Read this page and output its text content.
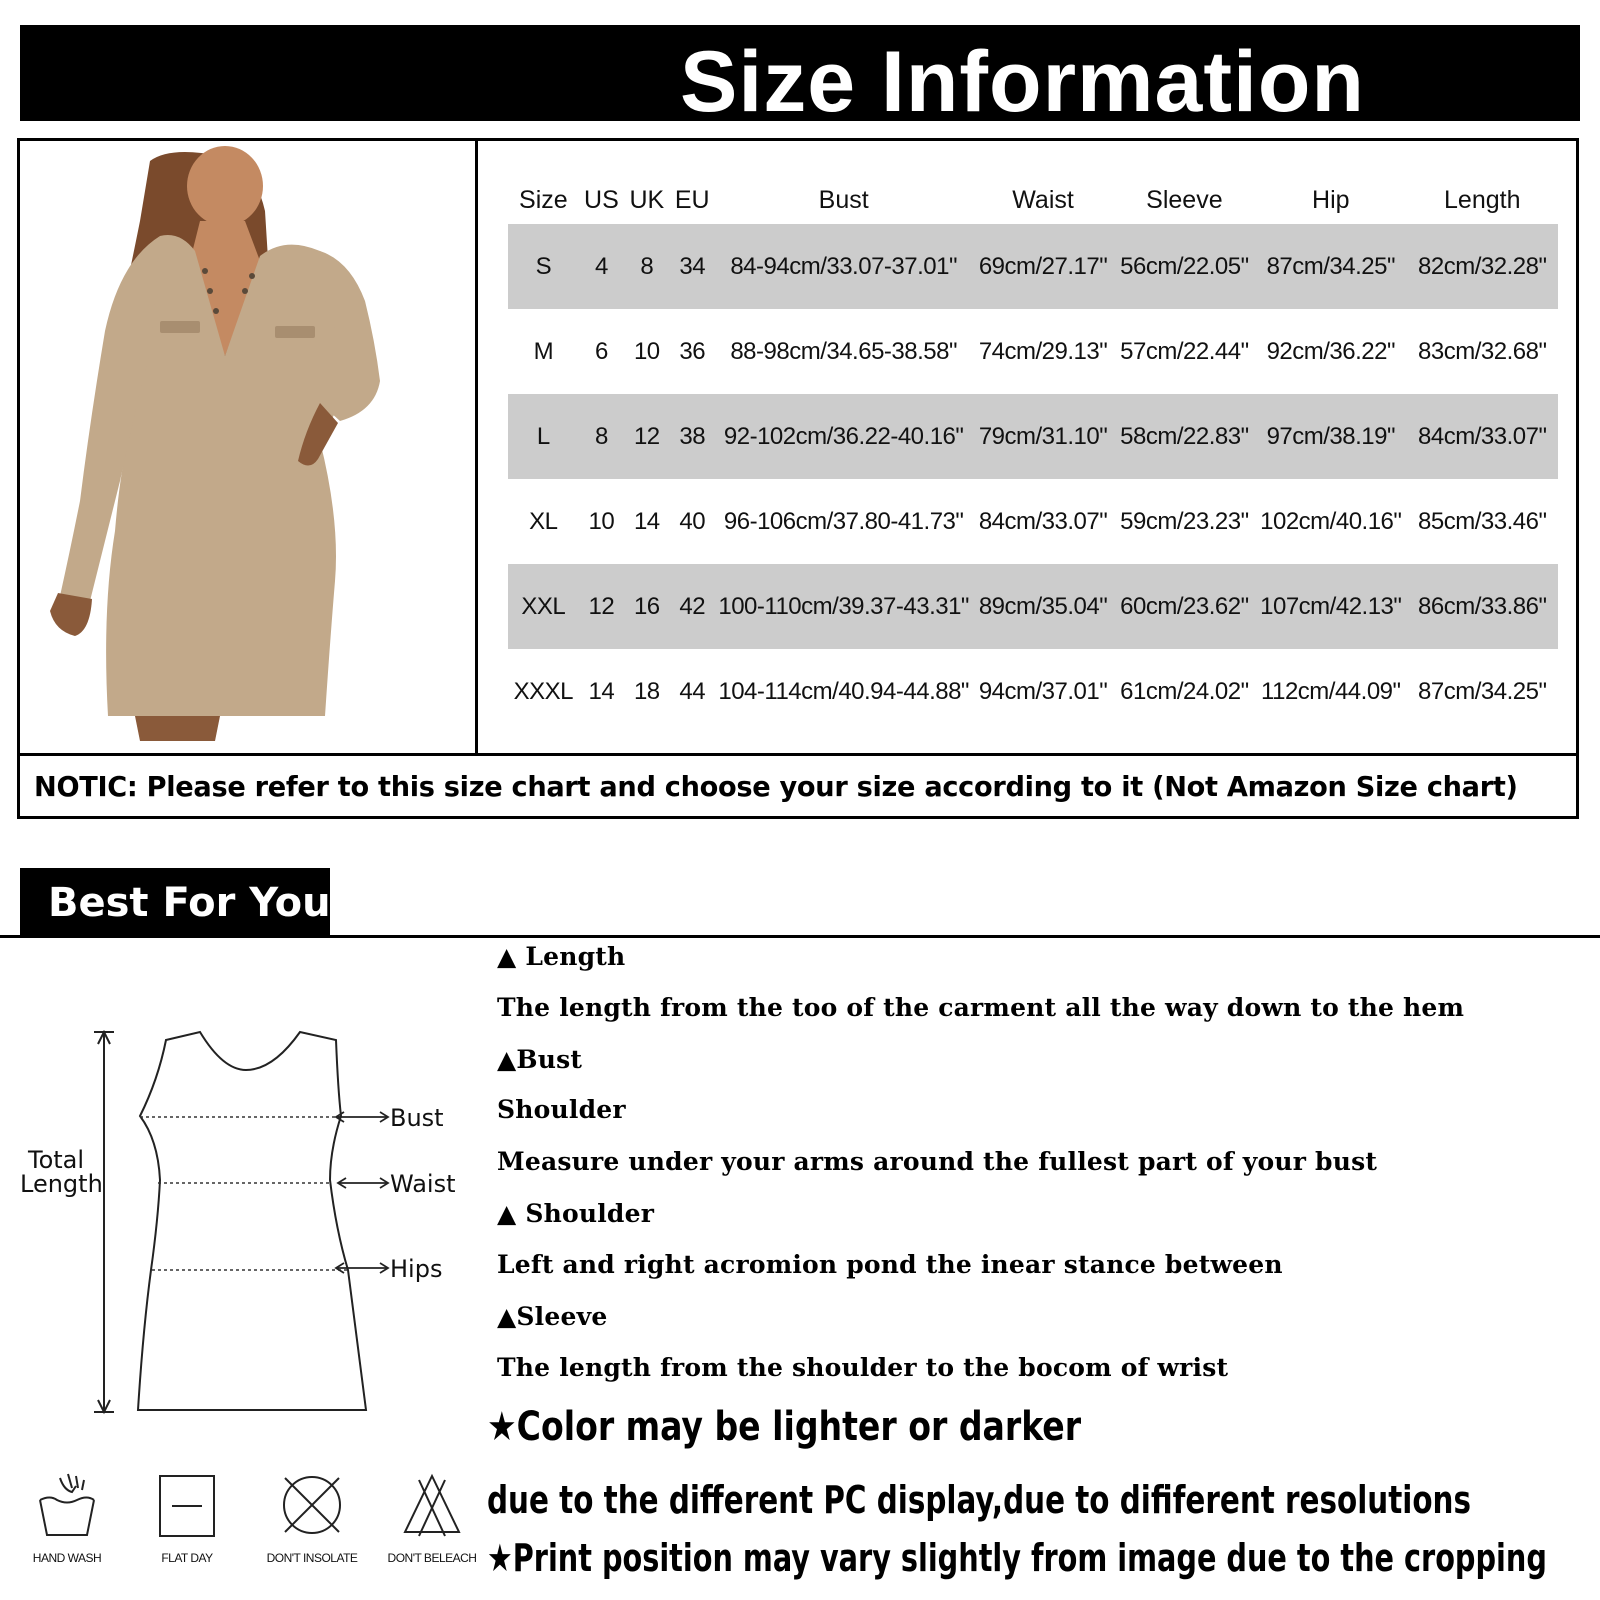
Size Information
Size	US	UK	EU	Bust	Waist	Sleeve	Hip	Length
S	4	8	34	84-94cm/33.07-37.01"	69cm/27.17"	56cm/22.05"	87cm/34.25"	82cm/32.28"
M	6	10	36	88-98cm/34.65-38.58"	74cm/29.13"	57cm/22.44"	92cm/36.22"	83cm/32.68"
L	8	12	38	92-102cm/36.22-40.16"	79cm/31.10"	58cm/22.83"	97cm/38.19"	84cm/33.07"
XL	10	14	40	96-106cm/37.80-41.73"	84cm/33.07"	59cm/23.23"	102cm/40.16"	85cm/33.46"
XXL	12	16	42	100-110cm/39.37-43.31"	89cm/35.04"	60cm/23.62"	107cm/42.13"	86cm/33.86"
XXXL	14	18	44	104-114cm/40.94-44.88"	94cm/37.01"	61cm/24.02"	112cm/44.09"	87cm/34.25"
NOTIC: Please refer to this size chart and choose your size according to it (Not Amazon Size chart)
Best For You
▲ Length
The length from the too of the carment all the way down to the hem
▲Bust
Shoulder
Measure under your arms around the fullest part of your bust
▲ Shoulder
Left and right acromion pond the inear stance between
▲Sleeve
The length from the shoulder to the bocom of wrist
★Color may be lighter or darker
due to the different PC display,due to dififerent resolutions
★Print position may vary slightly from image due to the cropping
Total
Length
Bust
Waist
Hips
HAND WASH	FLAT DAY	DON'T INSOLATE	DON'T BELEACH
